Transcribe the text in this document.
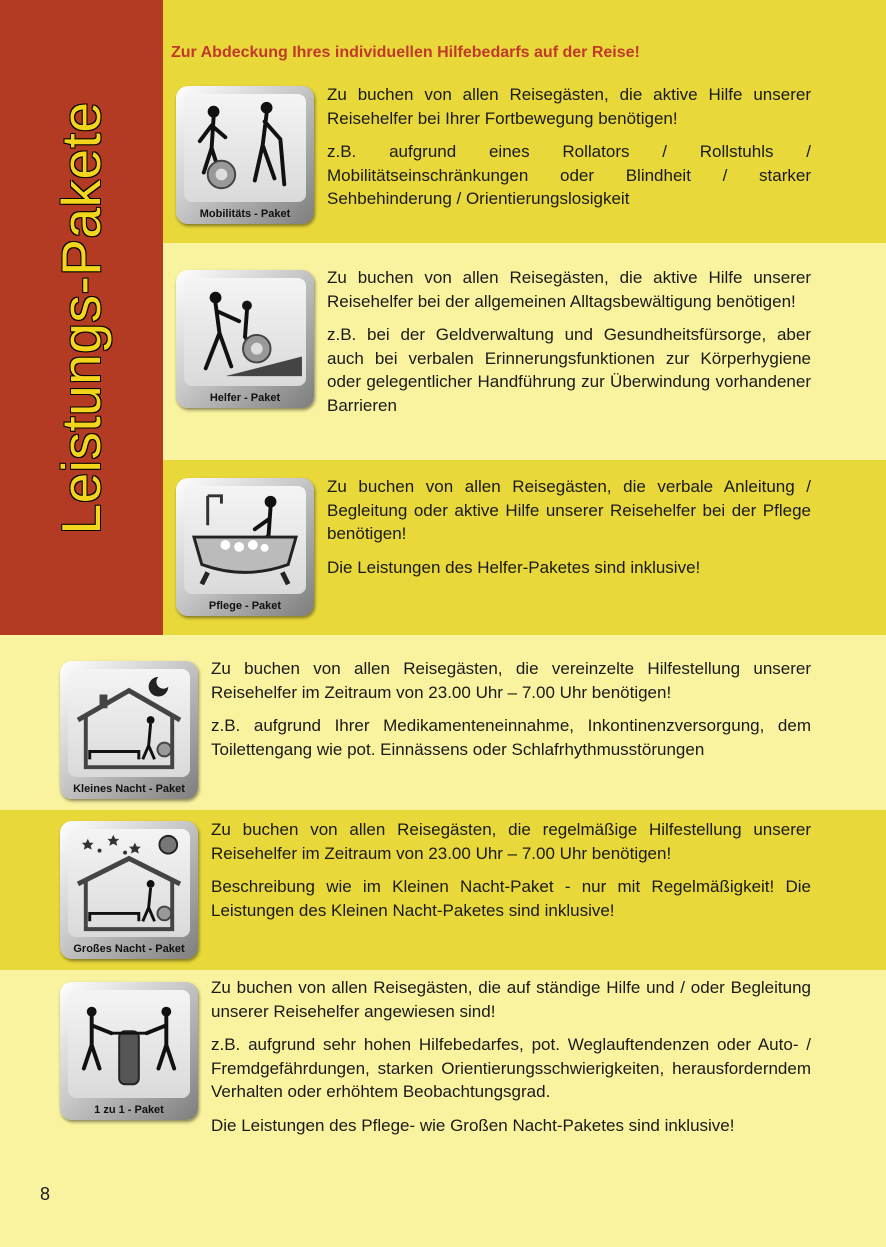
Leistungs-Pakete
Zur Abdeckung Ihres individuellen Hilfebedarfs auf der Reise!
Mobilitäts - Paket

Zu buchen von allen Reisegästen, die aktive Hilfe unserer Reisehelfer bei Ihrer Fortbewegung benötigen!

z.B. aufgrund eines Rollators / Rollstuhls / Mobilitätseinschränkungen oder Blindheit / starker Sehbehinderung / Orientierungslosigkeit

Helfer - Paket

Zu buchen von allen Reisegästen, die aktive Hilfe unserer Reisehelfer bei der allgemeinen Alltagsbewältigung benötigen!

z.B. bei der Geldverwaltung und Gesundheitsfürsorge, aber auch bei verbalen Erinnerungsfunktionen zur Körperhygiene oder gelegentlicher Handführung zur Überwindung vorhandener Barrieren

Pflege - Paket

Zu buchen von allen Reisegästen, die verbale Anleitung / Begleitung oder aktive Hilfe unserer Reisehelfer bei der Pflege benötigen!

Die Leistungen des Helfer-Paketes sind inklusive!

Kleines Nacht - Paket

Zu buchen von allen Reisegästen, die vereinzelte Hilfestellung unserer Reisehelfer im Zeitraum von 23.00 Uhr – 7.00 Uhr benötigen!

z.B. aufgrund Ihrer Medikamenteneinnahme, Inkontinenzversorgung, dem Toilettengang wie pot. Einnässens oder Schlafrhythmusstörungen

Großes Nacht - Paket

Zu buchen von allen Reisegästen, die regelmäßige Hilfestellung unserer Reisehelfer im Zeitraum von 23.00 Uhr – 7.00 Uhr benötigen!

Beschreibung wie im Kleinen Nacht-Paket - nur mit Regelmäßigkeit! Die Leistungen des Kleinen Nacht-Paketes sind inklusive!

1 zu 1 - Paket

Zu buchen von allen Reisegästen, die auf ständige Hilfe und / oder Begleitung unserer Reisehelfer angewiesen sind!

z.B. aufgrund sehr hohen Hilfebedarfes, pot. Weglauftendenzen oder Auto- / Fremdgefährdungen, starken Orientierungsschwierigkeiten, herausforderndem Verhalten oder erhöhtem Beobachtungsgrad.

Die Leistungen des Pflege- wie Großen Nacht-Paketes sind inklusive!

8
